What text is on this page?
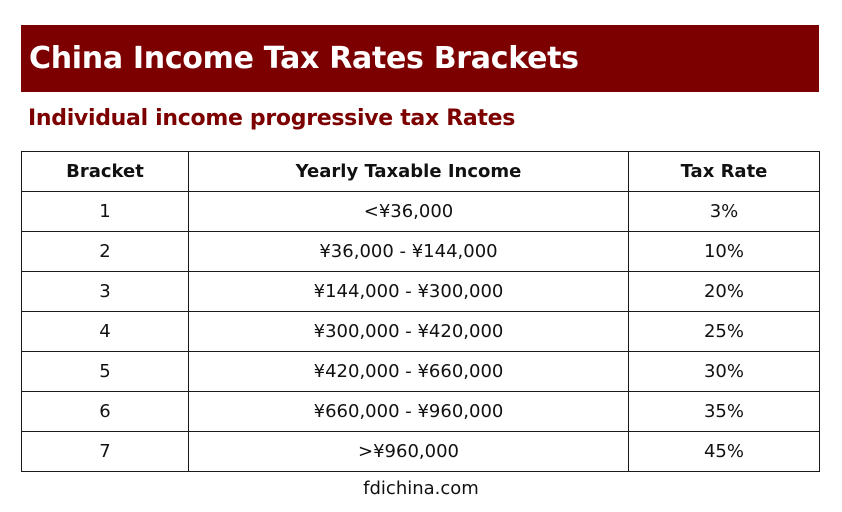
China Income Tax Rates Brackets
Individual income progressive tax Rates
Bracket	Yearly Taxable Income	Tax Rate
1	<¥36,000	3%
2	¥36,000 - ¥144,000	10%
3	¥144,000 - ¥300,000	20%
4	¥300,000 - ¥420,000	25%
5	¥420,000 - ¥660,000	30%
6	¥660,000 - ¥960,000	35%
7	>¥960,000	45%
fdichina.com
